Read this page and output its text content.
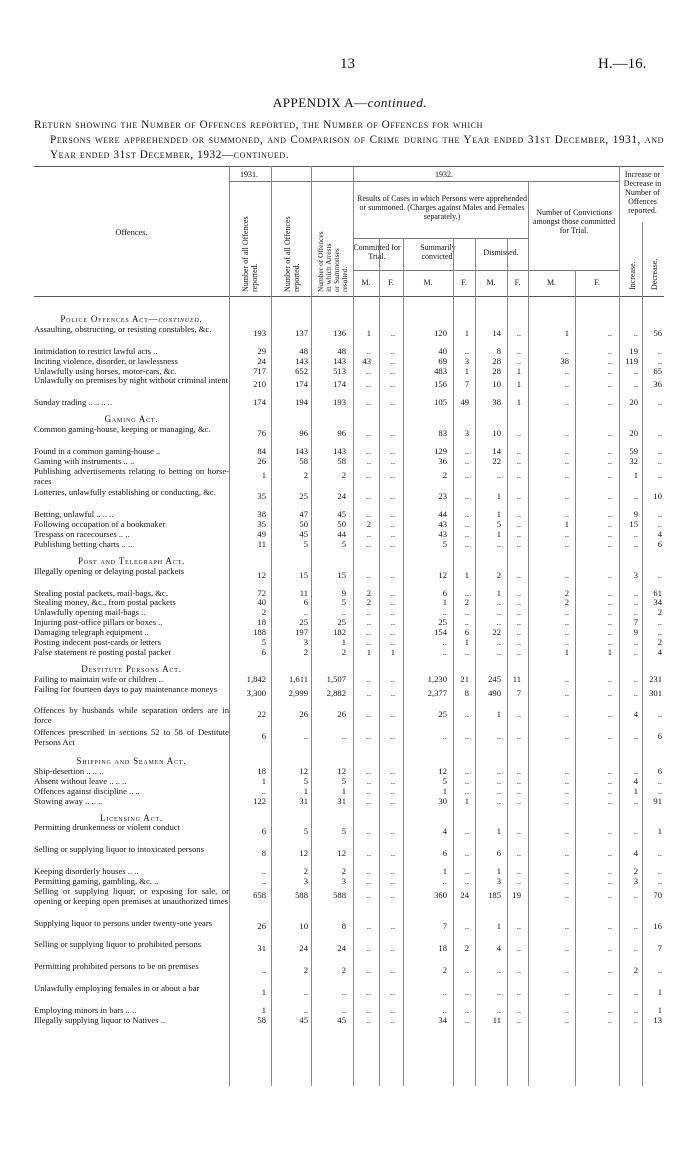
13	H.—16.
APPENDIX A—continued.
Return showing the Number of Offences reported, the Number of Offences for which
Persons were apprehended or summoned, and Comparison of Crime during the Year ended 31st December, 1931, and Year ended 31st December, 1932—continued.
Offences.
1931.	1932.
Number of all Offences
reported.	Number of all Offences
reported. Number of Offences
in which Arrests
or Summonses
resulted.
Results of Cases in which Persons were apprehended or summoned. (Charges against Males and Females separately.)
Committed for Trial.
Summarily convicted.	Dismissed.
Number of Convictions amongst those committed for Trial.
Increase or Decrease in Number of Offences reported.
Increase. Decrease.
M.	F.	M.	F.	M.	F.	M.	F.
Police Offences Act—continued.
Assaulting, obstructing, or resisting constables, &c.	193	137	136	1	..	120	1	14	..	1	..	..	56
Intimidation to restrict lawful acts ..	29	48	48	..	..	40	..	8	..	..	..	19	..
Inciting violence, disorder, or lawlessness	24	143	143	43	..	69	3	28	..	38	..	119	..
Unlawfully using horses, motor-cars, &c.	717	652	513	..	..	483	1	28	1	..	..	..	65
Unlawfully on premises by night without criminal intent	210	174	174	..	..	156	7	10	1	..	..	..	36
Sunday trading .. .. .. ..	174	194	193	..	..	105	49	38	1	..	..	20	..
Gaming Act.
Common gaming-house, keeping or managing, &c.	76	96	96	..	..	83	3	10	..	..	..	20	..
Found in a common gaming-house ..	84	143	143	..	..	129	..	14	..	..	..	59	..
Gaming with instruments .. ..	26	58	58	..	..	36	..	22	..	..	..	32	..
Publishing advertisements relating to betting on horse-races
1	2	2	..	..	2	..	..	..	..	..	1	..
Lotteries, unlawfully establishing or conducting, &c.	35	25	24	..	..	23	..	1	..	..	..	..	10
Betting, unlawful .. .. ..	38	47	45	..	..	44	..	1	..	..	..	9	..
Following occupation of a bookmaker	35	50	50	2	..	43	..	5	..	1	..	15	..
Trespass on racecourses .. ..	49	45	44	..	..	43	..	1	..	..	..	..	4
Publishing betting charts .. ..	11	5	5	..	..	5	..	..	..	..	..	..	6
Post and Telegraph Act.
Illegally opening or delaying postal packets	12	15	15	..	..	12	1	2	..	..	..	3	..
Stealing postal packets, mail-bags, &c.	72	11	9	2	..	6	..	1	..	2	..	..	61
Stealing money, &c., from postal packets	40	6	5	2	..	1	2	..	..	2	..	..	34
Unlawfully opening mail-bags ..	2	..	..	..	..	..	..	..	..	..	..	..	2
Injuring post-office pillars or boxes ..	18	25	25	..	..	25	..	..	..	..	..	7	..
Damaging telegraph equipment ..	188	197	182	..	..	154	6	22	..	..	..	9	..
Posting indecent post-cards or letters	5	3	1	..	..	..	1	..	..	..	..	..	2
False statement re posting postal packet	6	2	2	1	1	..	..	..	..	1	1	..	4
Destitute Persons Act.
Failing to maintain wife or children ..	1,842	1,611	1,507	..	..	1,230	21	245	11	..	..	..	231
Failing for fourteen days to pay maintenance moneys	3,300	2,999	2,882	..	..	2,377	8	490	7	..	..	..	301
Offences by husbands while separation orders are in force
22	26	26	..	..	25	..	1	..	..	..	4	..
Offences prescribed in sections 52 to 58 of Destitute Persons Act
6	..	..	..	..	..	..	..	..	..	..	..	6
Shipping and Seamen Act.
Ship-desertion .. .. ..	18	12	12	..	..	12	..	..	..	..	..	..	6
Absent without leave .. .. ..	1	5	5	..	..	5	..	..	..	..	..	4	..
Offences against discipline .. ..	..	1	1	..	..	1	..	..	..	..	..	1	..
Stowing away .. .. ..	122	31	31	..	..	30	1	..	..	..	..	..	91
Licensing Act.
Permitting drunkenness or violent conduct	6	5	5	..	..	4	..	1	..	..	..	..	1
Selling or supplying liquor to intoxicated persons	8	12	12	..	..	6	..	6	..	..	..	4	..
Keeping disorderly houses .. ..	..	2	2	..	..	1	..	1	..	..	..	2	..
Permitting gaming, gambling, &c. ..	..	3	3	..	..	..	..	3	..	..	..	3	..
Selling or supplying liquor, or exposing for sale, or opening or keeping open premises at unauthorized times
658	588	588	..	..	360	24	185	19	..	..	..	70
Supplying liquor to persons under twenty-one years	26	10	8	..	..	7	..	1	..	..	..	..	16
Selling or supplying liquor to prohibited persons	31	24	24	..	..	18	2	4	..	..	..	..	7
Permitting prohibited persons to be on premises	..	2	2	..	..	2	..	..	..	..	..	2	..
Unlawfully employing females in or about a bar	1	..	..	..	..	..	..	..	..	..	..	..	1
Employing minors in bars .. ..	1	..	..	..	..	..	..	..	..	..	..	..	1
Illegally supplying liquor to Natives ..	58	45	45	..	..	34	..	11	..	..	..	..	13
